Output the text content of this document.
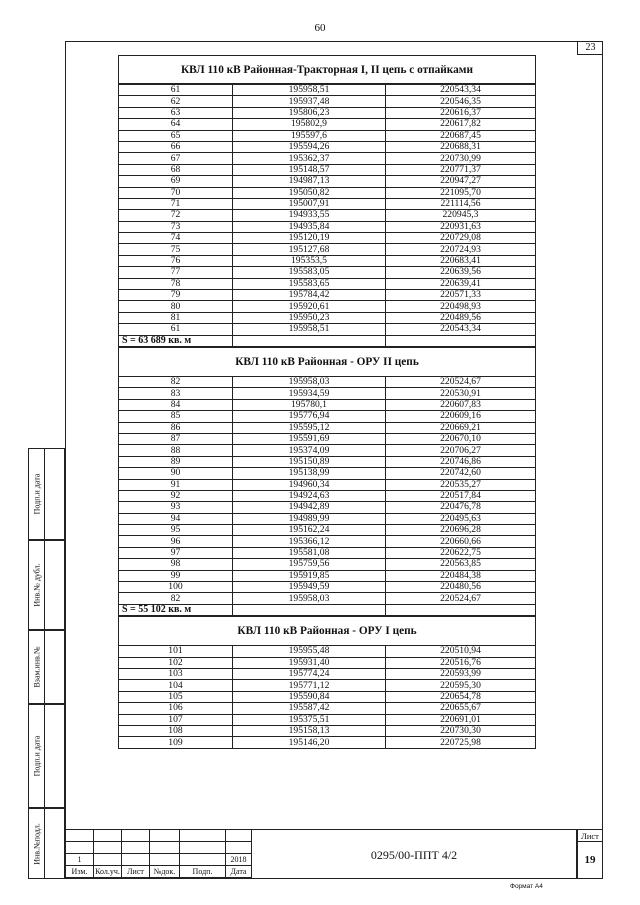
60
23
КВЛ 110 кВ Районная-Тракторная I, II цепь с отпайками
61	195958,51	220543,34
62	195937,48	220546,35
63	195806,23	220616,37
64	195802,9	220617,82
65	195597,6	220687,45
66	195594,26	220688,31
67	195362,37	220730,99
68	195148,57	220771,37
69	194987,13	220947,27
70	195050,82	221095,70
71	195007,91	221114,56
72	194933,55	220945,3
73	194935,84	220931,63
74	195120,19	220729,08
75	195127,68	220724,93
76	195353,5	220683,41
77	195583,05	220639,56
78	195583,65	220639,41
79	195784,42	220571,33
80	195920,61	220498,93
81	195950,23	220489,56
61	195958,51	220543,34
S = 63 689 кв. м		
КВЛ 110 кВ Районная - ОРУ II цепь
82	195958,03	220524,67
83	195934,59	220530,91
84	195780,1	220607,83
85	195776,94	220609,16
86	195595,12	220669,21
87	195591,69	220670,10
88	195374,09	220706,27
89	195150,89	220746,86
90	195138,99	220742,60
91	194960,34	220535,27
92	194924,63	220517,84
93	194942,89	220476,78
94	194989,99	220495,63
95	195162,24	220696,28
96	195366,12	220660,66
97	195581,08	220622,75
98	195759,56	220563,85
99	195919,85	220484,38
100	195949,59	220480,56
82	195958,03	220524,67
S = 55 102 кв. м		
КВЛ 110 кВ Районная - ОРУ I цепь
101	195955,48	220510,94
102	195931,40	220516,76
103	195774,24	220593,99
104	195771,12	220595,30
105	195590,84	220654,78
106	195587,42	220655,67
107	195375,51	220691,01
108	195158,13	220730,30
109	195146,20	220725,98
Подп.и дата
Инв.№ дубл.
Взам.инв.№
Подп.и дата
Инв.№подл.

						1					2018
Изм.	Кол.уч.	Лист	№док.	Подп.	Дата
0295/00-ППТ 4/2
Лист
19
Формат А4
